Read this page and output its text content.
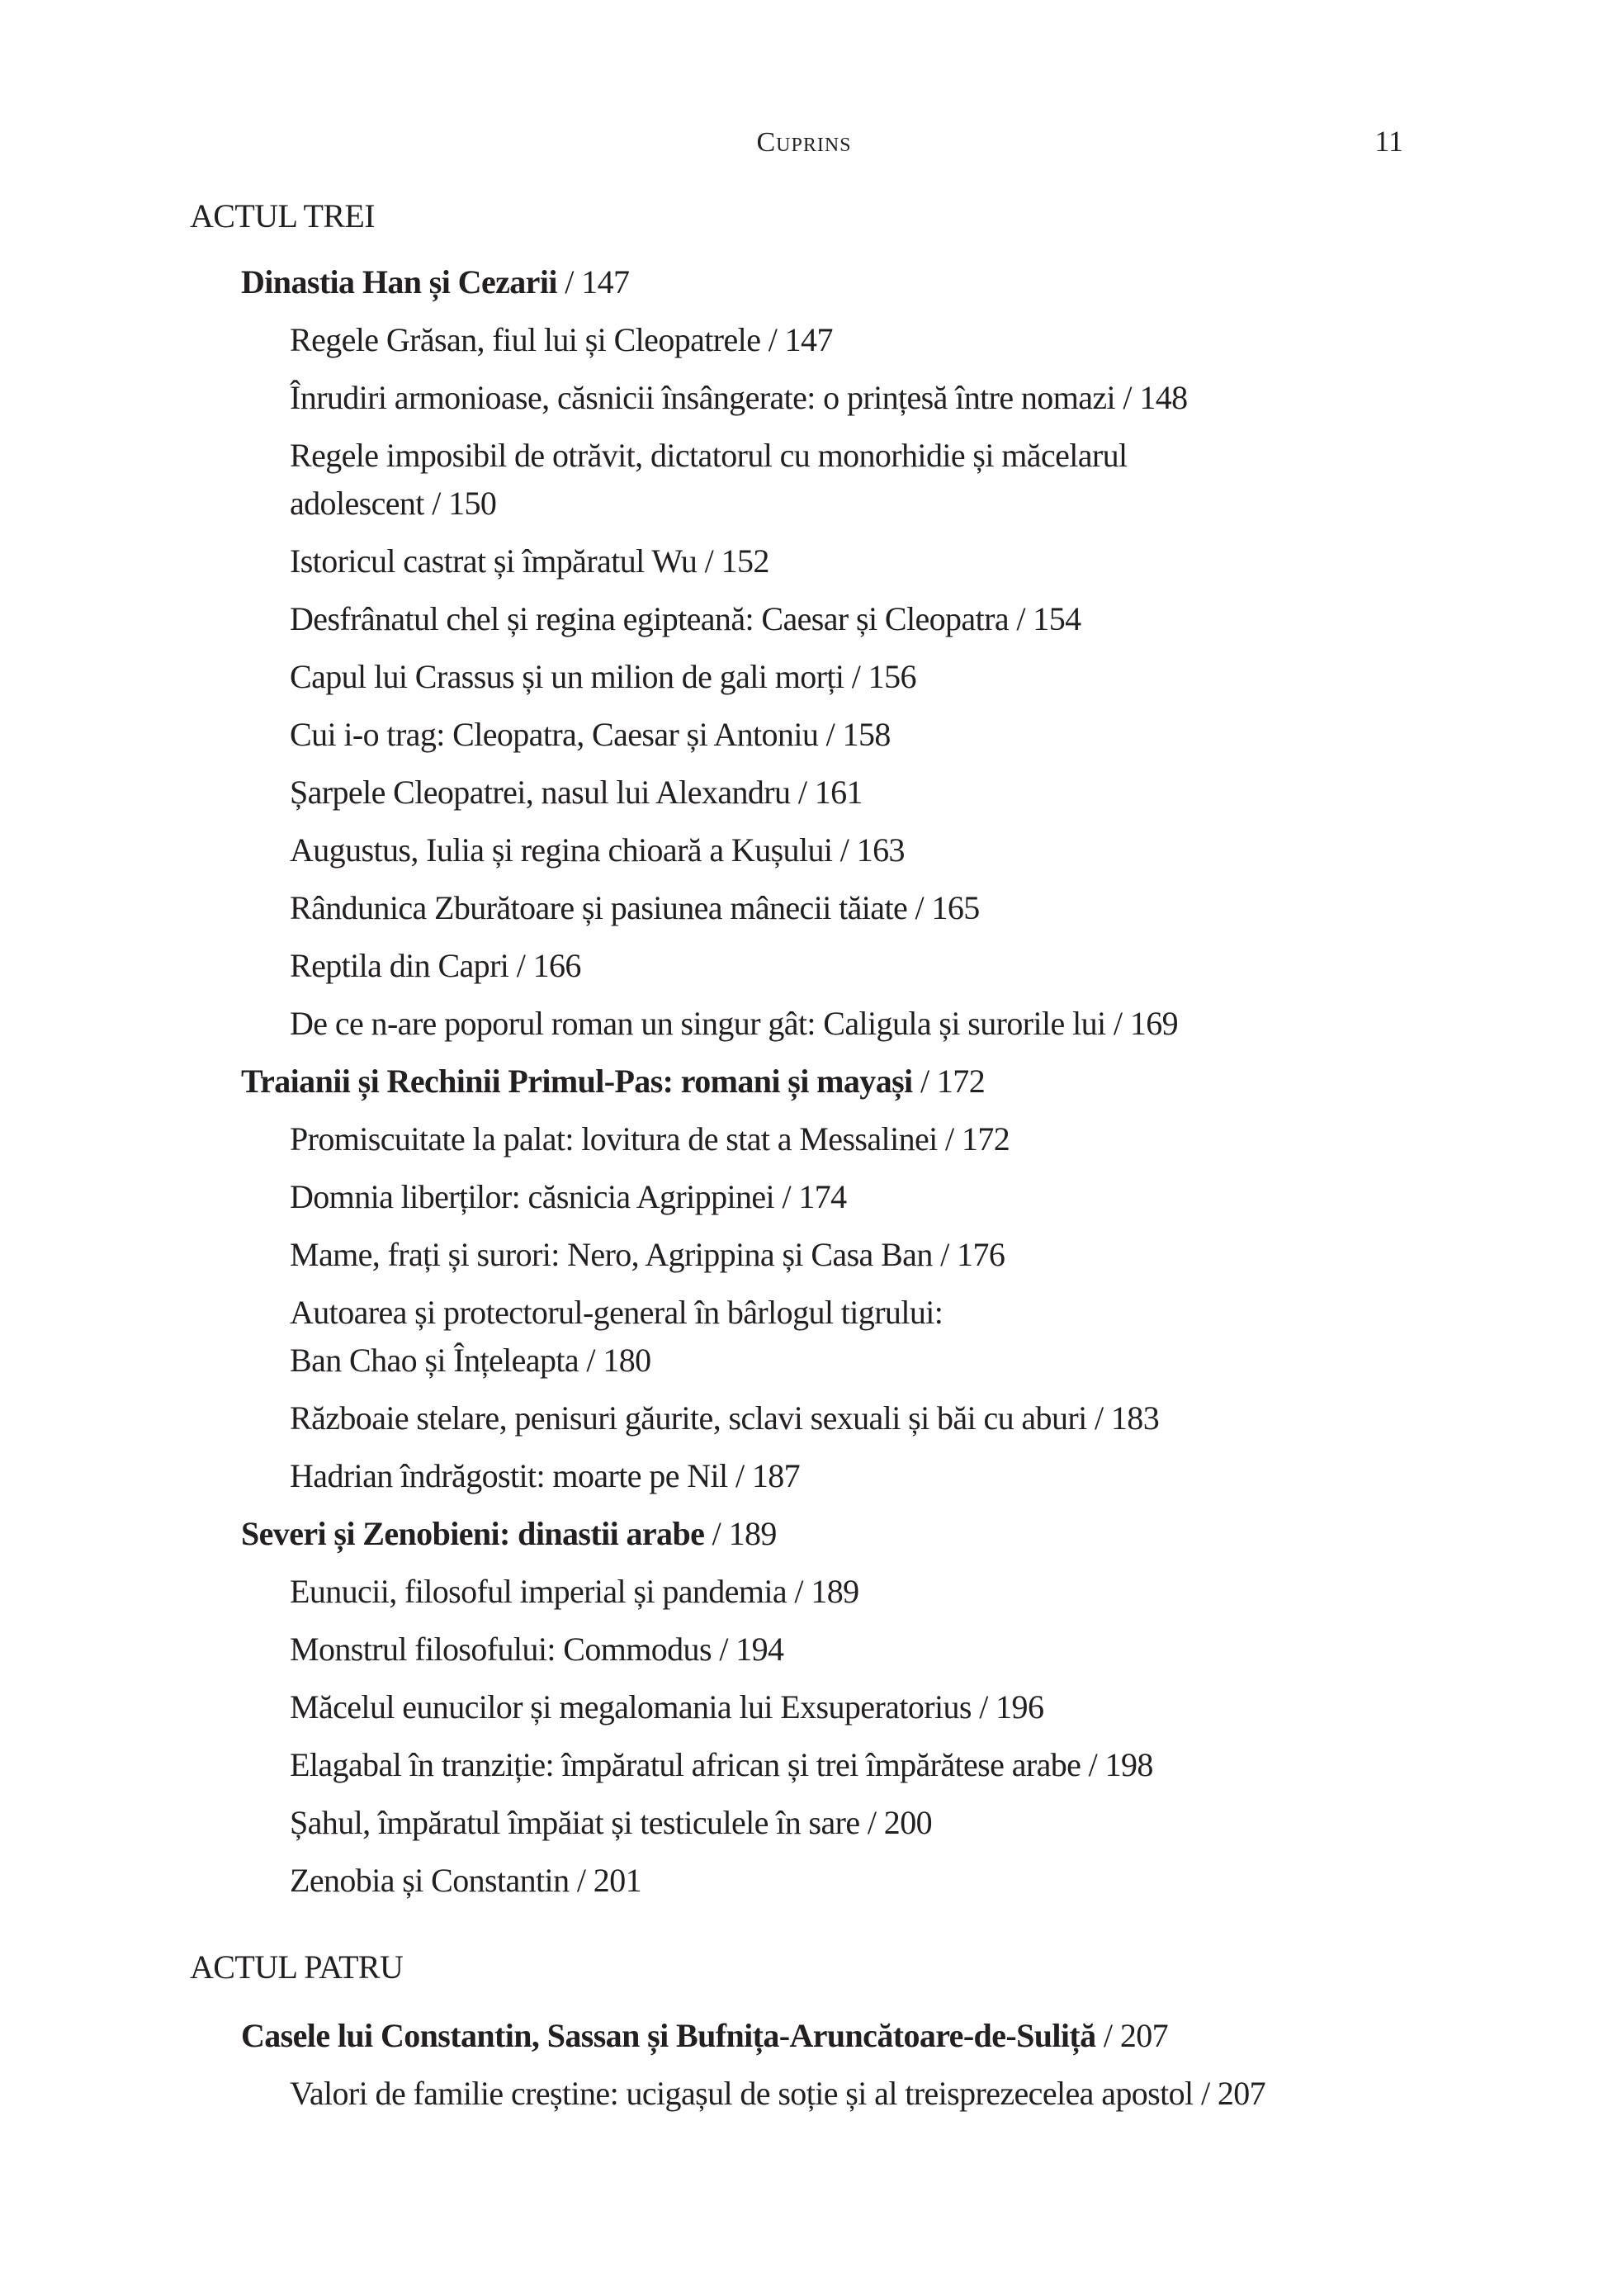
Cuprins	11
ACTUL TREI
Dinastia Han și Cezarii / 147
Regele Grăsan, fiul lui și Cleopatrele / 147
Înrudiri armonioase, căsnicii însângerate: o prințesă între nomazi / 148
Regele imposibil de otrăvit, dictatorul cu monorhidie și măcelarul
adolescent / 150
Istoricul castrat și împăratul Wu / 152
Desfrânatul chel și regina egipteană: Caesar și Cleopatra / 154
Capul lui Crassus și un milion de gali morți / 156
Cui i-o trag: Cleopatra, Caesar și Antoniu / 158
Șarpele Cleopatrei, nasul lui Alexandru / 161
Augustus, Iulia și regina chioară a Kușului / 163
Rândunica Zburătoare și pasiunea mânecii tăiate / 165
Reptila din Capri / 166
De ce n-are poporul roman un singur gât: Caligula și surorile lui / 169
Traianii și Rechinii Primul-Pas: romani și mayași / 172
Promiscuitate la palat: lovitura de stat a Messalinei / 172
Domnia liberților: căsnicia Agrippinei / 174
Mame, frați și surori: Nero, Agrippina și Casa Ban / 176
Autoarea și protectorul-general în bârlogul tigrului:
Ban Chao și Înțeleapta / 180
Războaie stelare, penisuri găurite, sclavi sexuali și băi cu aburi / 183
Hadrian îndrăgostit: moarte pe Nil / 187
Severi și Zenobieni: dinastii arabe / 189
Eunucii, filosoful imperial și pandemia / 189
Monstrul filosofului: Commodus / 194
Măcelul eunucilor și megalomania lui Exsuperatorius / 196
Elagabal în tranziție: împăratul african și trei împărătese arabe / 198
Șahul, împăratul împăiat și testiculele în sare / 200
Zenobia și Constantin / 201
ACTUL PATRU
Casele lui Constantin, Sassan și Bufnița-Aruncătoare-de-Suliță / 207
Valori de familie creștine: ucigașul de soție și al treisprezecelea apostol / 207
